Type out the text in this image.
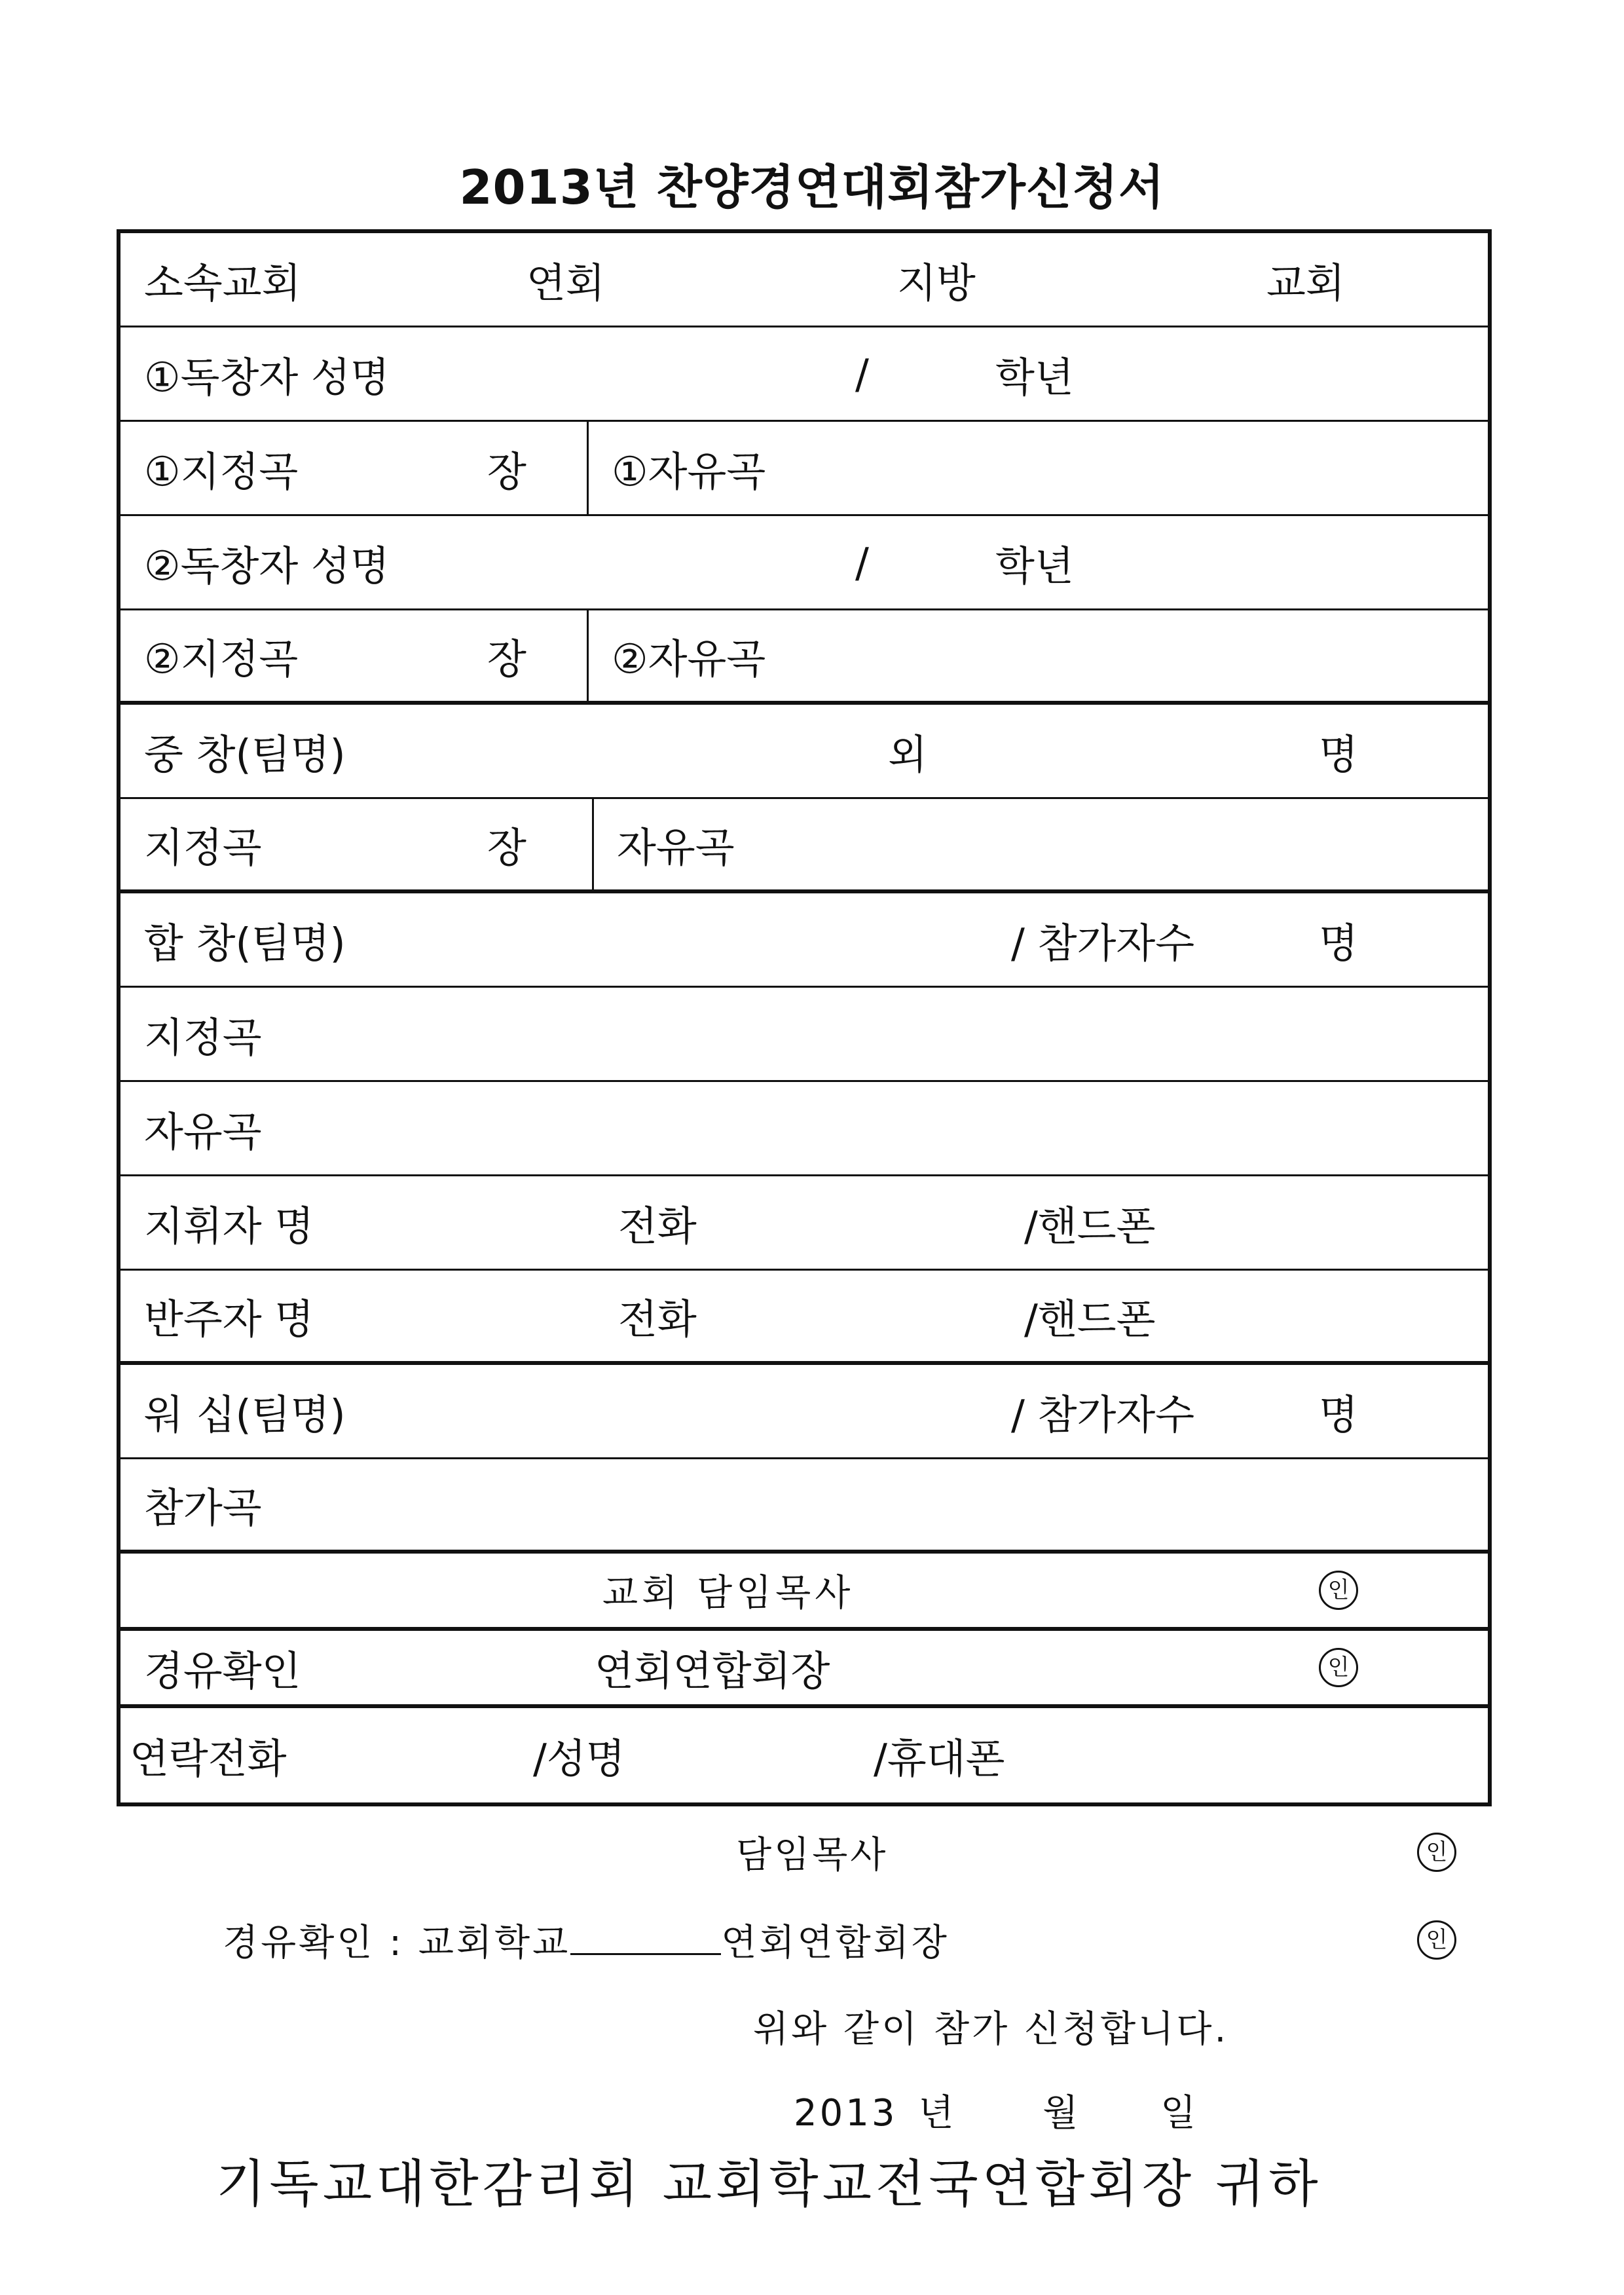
2013년 찬양경연대회참가신청서
소속교회	연회	지방	교회
①독창자 성명	/	학년
①지정곡	장 ①자유곡
②독창자 성명	/	학년
②지정곡	장 ②자유곡
중 창(팀명)	외	명
지정곡	장 자유곡
합 창(팀명)	/ 참가자수	명
지정곡
자유곡
지휘자 명	전화	/핸드폰
반주자 명	전화	/핸드폰
워 십(팀명)	/ 참가자수	명
참가곡
교회 담임목사	인
경유확인	연회연합회장	인
연락전화	/성명	/휴대폰
담임목사	인
경유확인 : 교회학교	연회연합회장	인
위와 같이 참가 신청합니다.
2013 년 월 일
기독교대한감리회 교회학교전국연합회장 귀하
